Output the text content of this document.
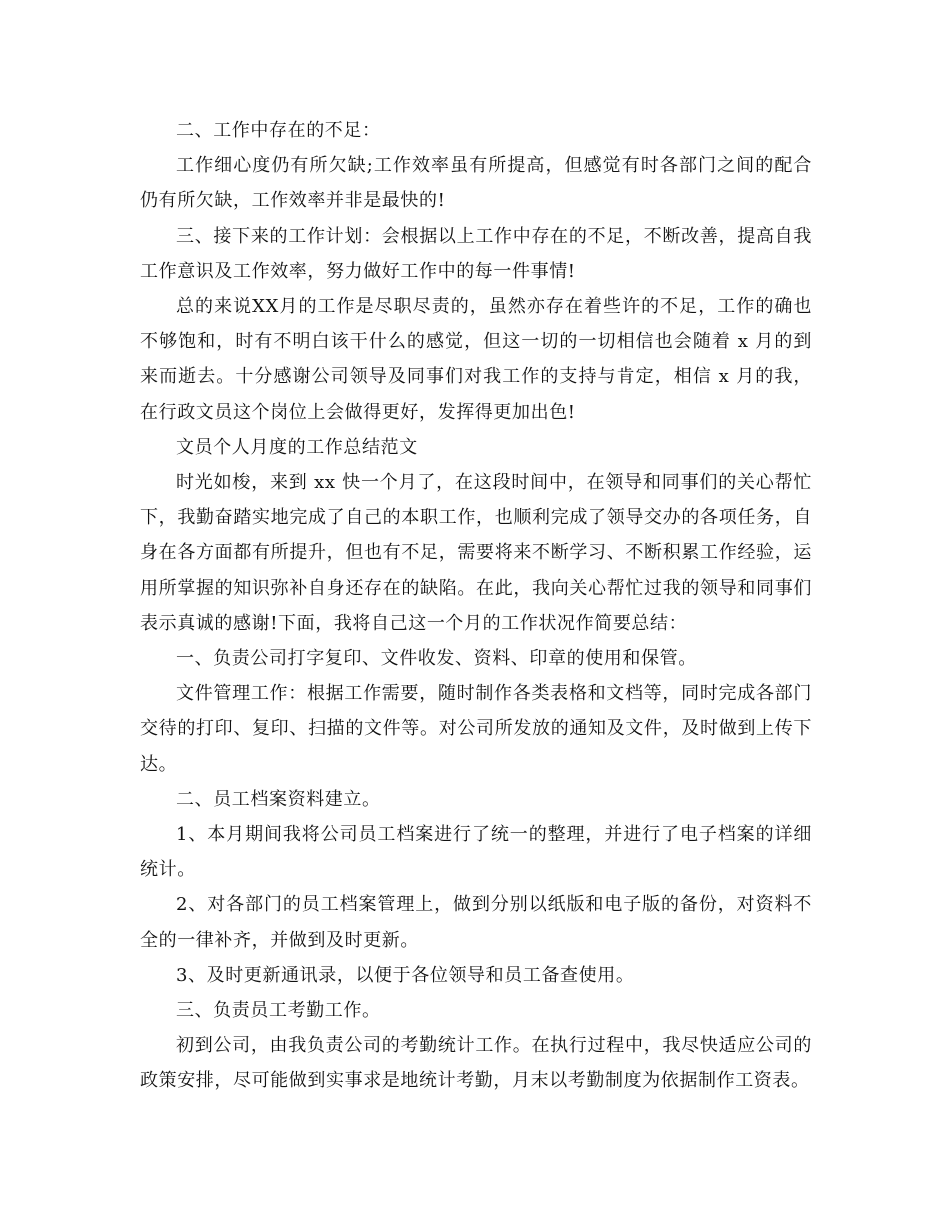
二、工作中存在的不足：

工作细心度仍有所欠缺;工作效率虽有所提高，但感觉有时各部门之间的配合仍有所欠缺，工作效率并非是最快的!

三、接下来的工作计划：会根据以上工作中存在的不足，不断改善，提高自我工作意识及工作效率，努力做好工作中的每一件事情!

总的来说XX月的工作是尽职尽责的，虽然亦存在着些许的不足，工作的确也不够饱和，时有不明白该干什么的感觉，但这一切的一切相信也会随着 x 月的到来而逝去。十分感谢公司领导及同事们对我工作的支持与肯定，相信 x 月的我，在行政文员这个岗位上会做得更好，发挥得更加出色!

文员个人月度的工作总结范文

时光如梭，来到 xx 快一个月了，在这段时间中，在领导和同事们的关心帮忙下，我勤奋踏实地完成了自己的本职工作，也顺利完成了领导交办的各项任务，自身在各方面都有所提升，但也有不足，需要将来不断学习、不断积累工作经验，运用所掌握的知识弥补自身还存在的缺陷。在此，我向关心帮忙过我的领导和同事们表示真诚的感谢!下面，我将自己这一个月的工作状况作简要总结：

一、负责公司打字复印、文件收发、资料、印章的使用和保管。

文件管理工作：根据工作需要，随时制作各类表格和文档等，同时完成各部门交待的打印、复印、扫描的文件等。对公司所发放的通知及文件，及时做到上传下达。

二、员工档案资料建立。

1、本月期间我将公司员工档案进行了统一的整理，并进行了电子档案的详细统计。

2、对各部门的员工档案管理上，做到分别以纸版和电子版的备份，对资料不全的一律补齐，并做到及时更新。

3、及时更新通讯录，以便于各位领导和员工备查使用。

三、负责员工考勤工作。

初到公司，由我负责公司的考勤统计工作。在执行过程中，我尽快适应公司的政策安排，尽可能做到实事求是地统计考勤，月末以考勤制度为依据制作工资表。
